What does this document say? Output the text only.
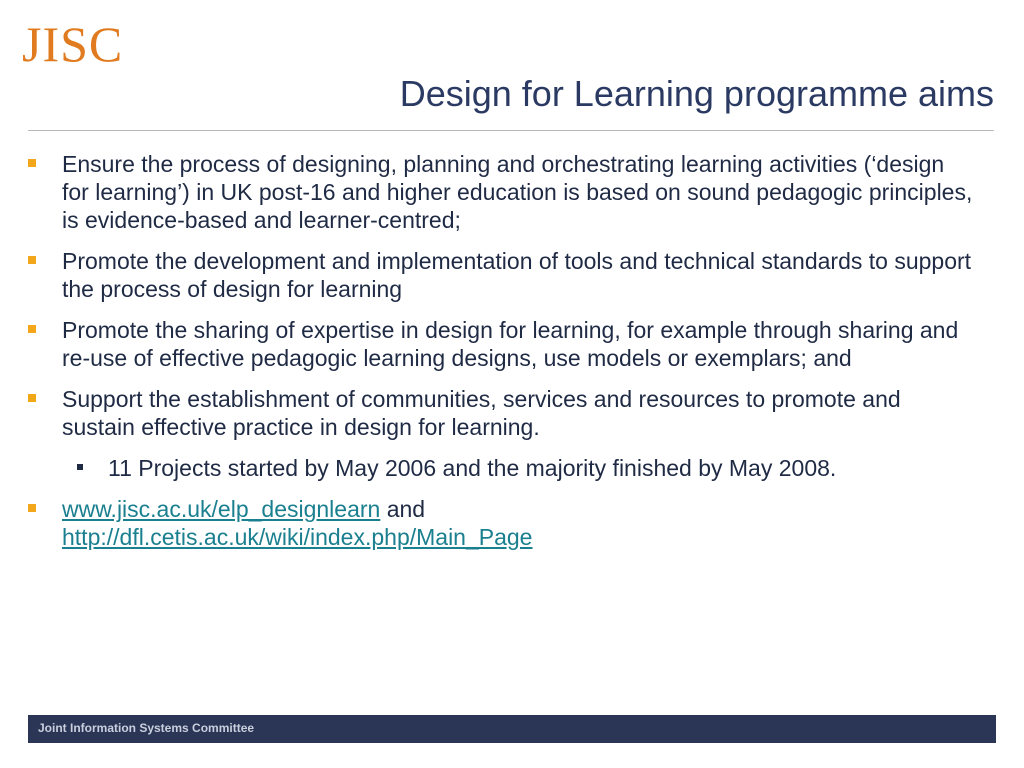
JISC
Design for Learning programme aims
Ensure the process of designing, planning and orchestrating learning activities (‘design for learning’) in UK post-16 and higher education is based on sound pedagogic principles, is evidence-based and learner-centred;
Promote the development and implementation of tools and technical standards to support the process of design for learning
Promote the sharing of expertise in design for learning, for example through sharing and re-use of effective pedagogic learning designs, use models or exemplars; and
Support the establishment of communities, services and resources to promote and sustain effective practice in design for learning.
11 Projects started by May 2006 and the majority finished by May 2008.
www.jisc.ac.uk/elp_designlearn and
http://dfl.cetis.ac.uk/wiki/index.php/Main_Page
Joint Information Systems Committee
